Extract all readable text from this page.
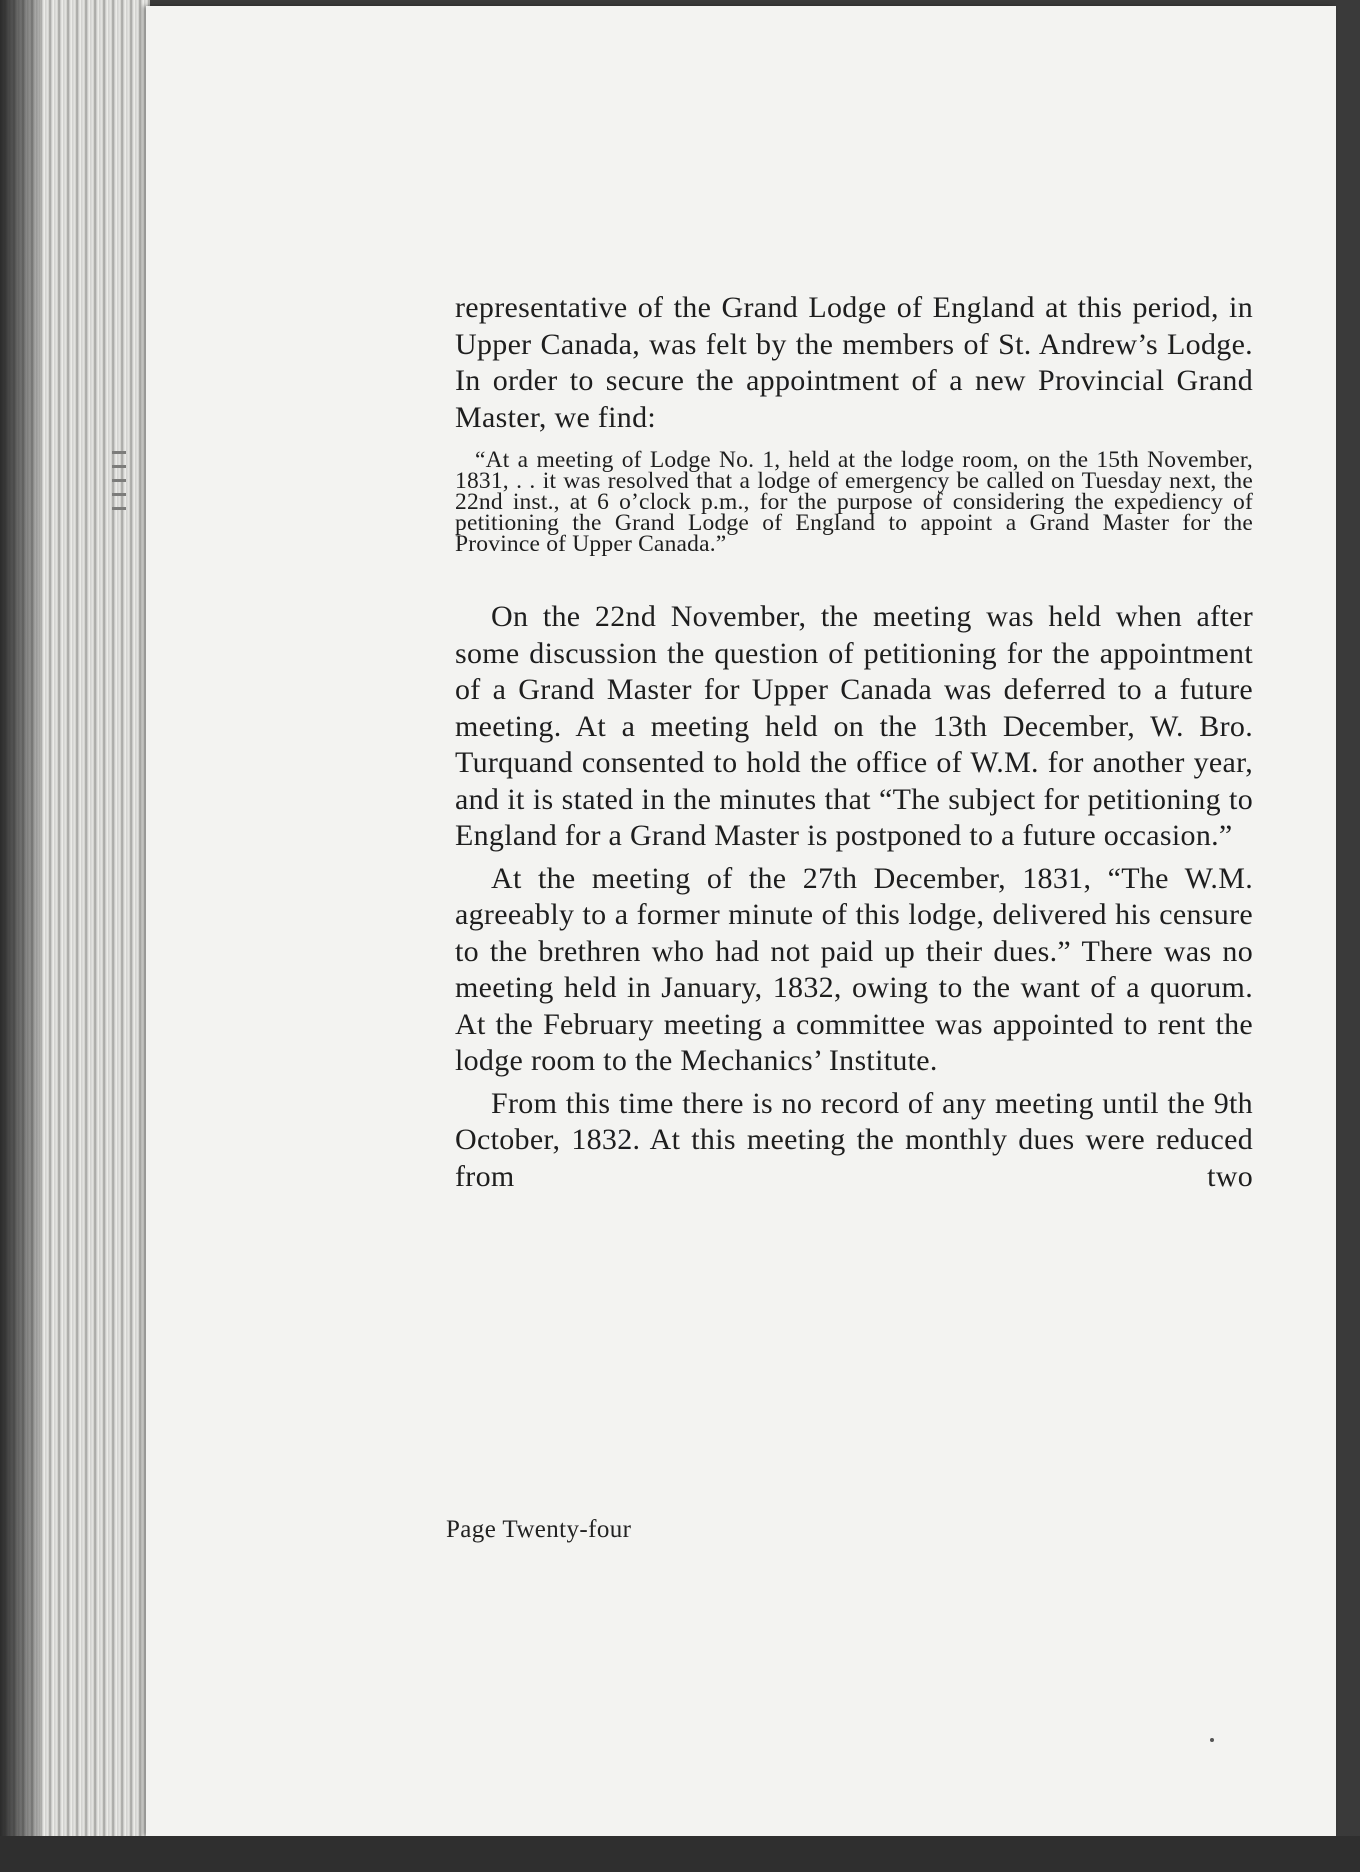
representative of the Grand Lodge of England at this period, in Upper Canada, was felt by the members of St. Andrew’s Lodge. In order to secure the appointment of a new Provincial Grand Master, we find:

“At a meeting of Lodge No. 1, held at the lodge room, on the 15th November, 1831, . . it was resolved that a lodge of emergency be called on Tuesday next, the 22nd inst., at 6 o’clock p.m., for the purpose of considering the expediency of petitioning the Grand Lodge of England to appoint a Grand Master for the Province of Upper Canada.”

On the 22nd November, the meeting was held when after some discussion the question of petitioning for the appointment of a Grand Master for Upper Canada was deferred to a future meeting. At a meeting held on the 13th December, W. Bro. Turquand consented to hold the office of W.M. for another year, and it is stated in the minutes that “The subject for petitioning to England for a Grand Master is postponed to a future occasion.”

At the meeting of the 27th December, 1831, “The W.M. agreeably to a former minute of this lodge, delivered his censure to the brethren who had not paid up their dues.” There was no meeting held in January, 1832, owing to the want of a quorum. At the February meeting a committee was appointed to rent the lodge room to the Mechanics’ Institute.

From this time there is no record of any meeting until the 9th October, 1832. At this meeting the monthly dues were reduced from two

Page Twenty-four
